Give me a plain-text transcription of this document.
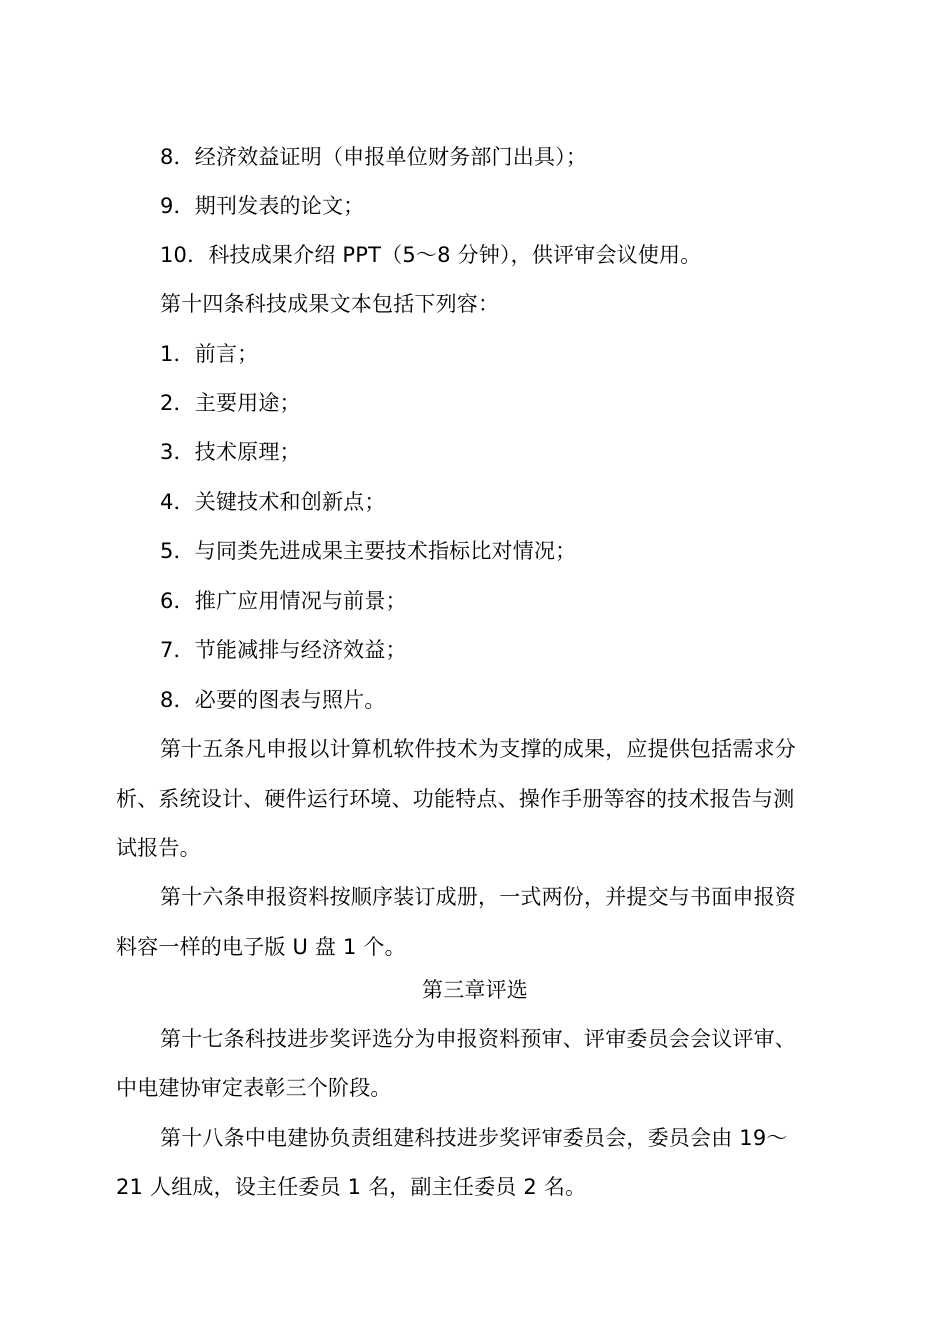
8．经济效益证明（申报单位财务部门出具）；
9．期刊发表的论文；
10．科技成果介绍 PPT（5～8 分钟），供评审会议使用。
第十四条科技成果文本包括下列容：
1．前言；
2．主要用途；
3．技术原理；
4．关键技术和创新点；
5．与同类先进成果主要技术指标比对情况；
6．推广应用情况与前景；
7．节能减排与经济效益；
8．必要的图表与照片。
第十五条凡申报以计算机软件技术为支撑的成果，应提供包括需求分
析、系统设计、硬件运行环境、功能特点、操作手册等容的技术报告与测
试报告。
第十六条申报资料按顺序装订成册，一式两份，并提交与书面申报资
料容一样的电子版 U 盘 1 个。
第三章评选
第十七条科技进步奖评选分为申报资料预审、评审委员会会议评审、
中电建协审定表彰三个阶段。
第十八条中电建协负责组建科技进步奖评审委员会，委员会由 19～
21 人组成，设主任委员 1 名，副主任委员 2 名。
